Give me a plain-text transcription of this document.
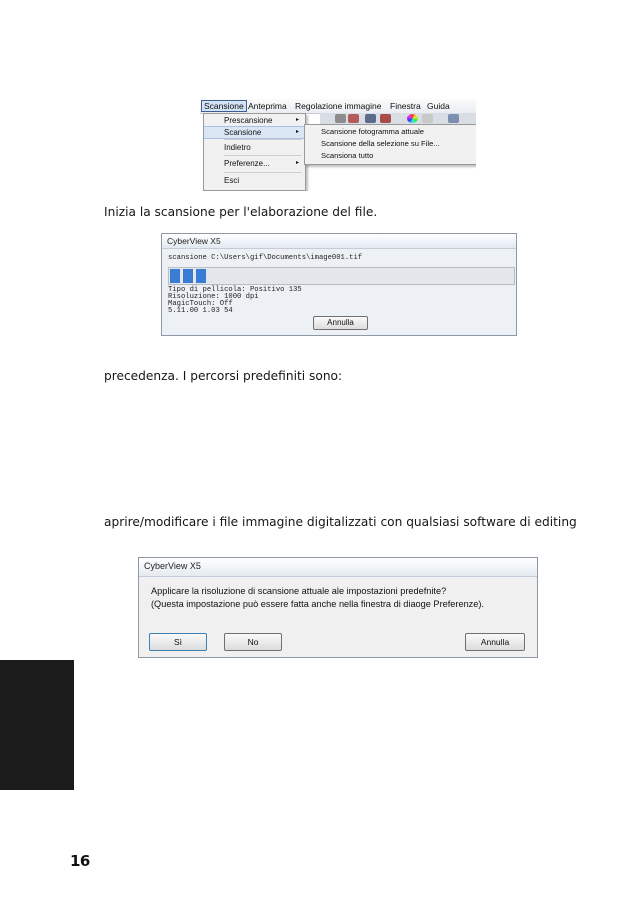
Scansione Anteprima Regolazione immagine Finestra Guida
Prescansione	▸
Scansione	▸
Indietro
Preferenze...	▸
Esci
Scansione fotogramma attuale
Scansione della selezione su File...
Scansiona tutto
Inizia la scansione per l'elaborazione del file.
CyberView X5
scansione C:\Users\gif\Documents\image001.tif
Tipo di pellicola: Positivo 135
Risoluzione: 1000 dpi
MagicTouch: Off
5.11.00 1.03 54
Annulla
precedenza. I percorsi predefiniti sono:
aprire/modificare i file immagine digitalizzati con qualsiasi software di editing
CyberView X5
Applicare la risoluzione di scansione attuale ale impostazioni predefnite?
(Questa impostazione può essere fatta anche nella finestra di diaoge Preferenze).
Sì	No	Annulla
16
